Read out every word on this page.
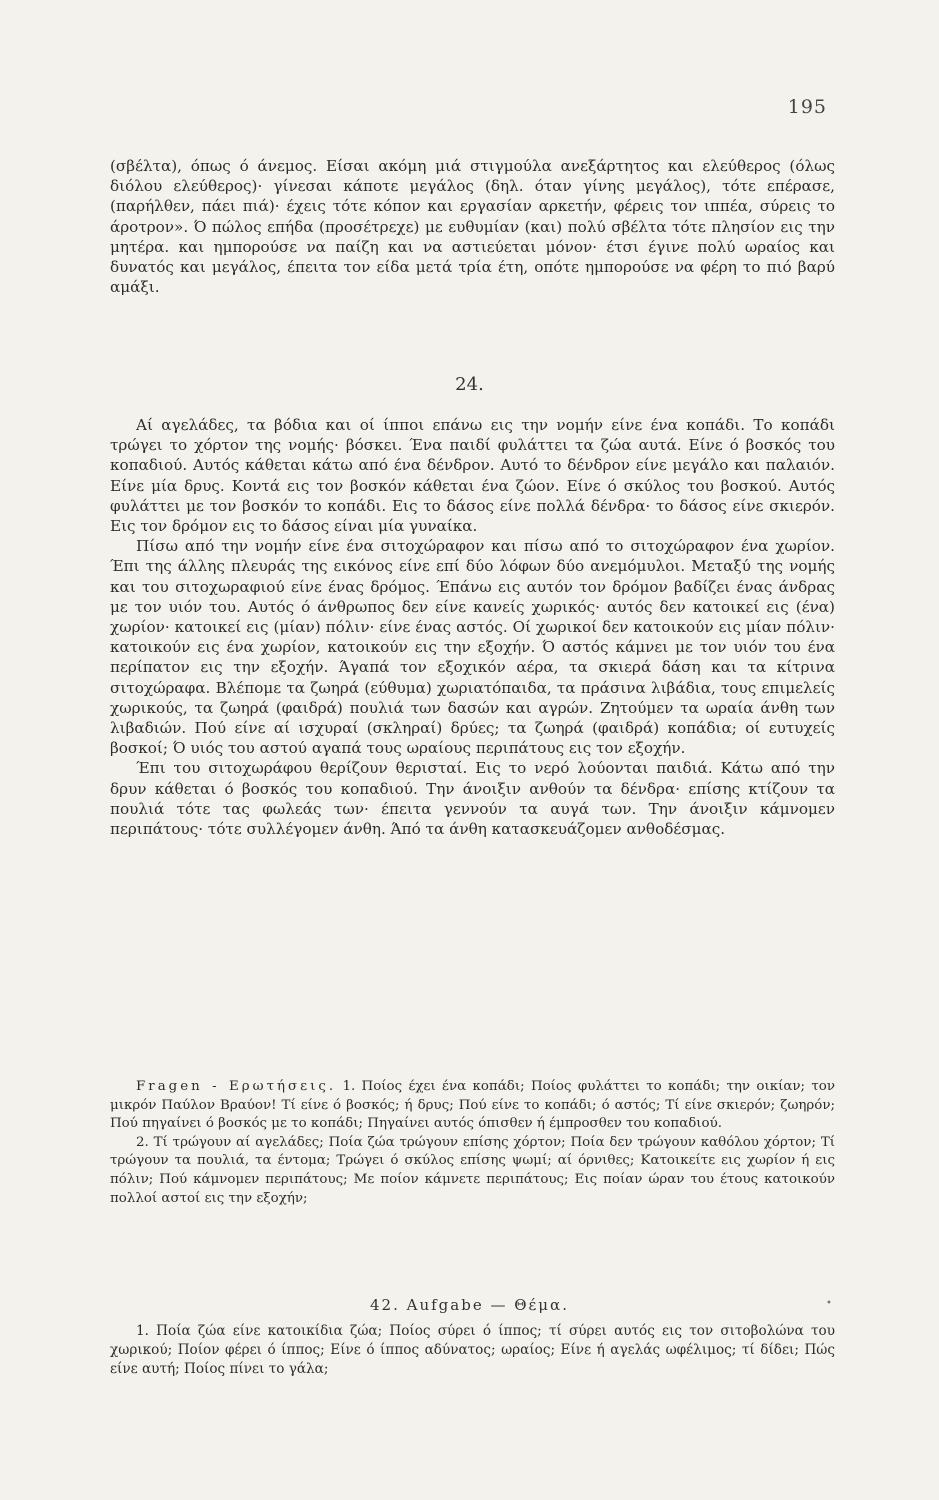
195

(σβέλτα), όπως ό άνεμος. Είσαι ακόμη μιά στιγμούλα ανεξάρτητος και ελεύθερος (όλως διόλου ελεύθερος)· γίνεσαι κάποτε μεγάλος (δηλ. όταν γίνης μεγάλος), τότε επέρασε, (παρήλθεν, πάει πιά)· έχεις τότε κόπον και εργασίαν αρκετήν, φέρεις τον ιππέα, σύρεις το άροτρον». Ό πώλος επήδα (προσέτρεχε) με ευθυμίαν (και) πολύ σβέλτα τότε πλησίον εις την μητέρα. και ημπορούσε να παίζη και να αστιεύεται μόνον· έτσι έγινε πολύ ωραίος και δυνατός και μεγάλος, έπειτα τον είδα μετά τρία έτη, οπότε ημπορούσε να φέρη το πιό βαρύ αμάξι.

24.

Αί αγελάδες, τα βόδια και οί ίπποι επάνω εις την νομήν είνε ένα κοπάδι. Το κοπάδι τρώγει το χόρτον της νομής· βόσκει. Ένα παιδί φυλάττει τα ζώα αυτά. Είνε ό βοσκός του κοπαδιού. Αυτός κάθεται κάτω από ένα δένδρον. Αυτό το δένδρον είνε μεγάλο και παλαιόν. Είνε μία δρυς. Κοντά εις τον βοσκόν κάθεται ένα ζώον. Είνε ό σκύλος του βοσκού. Αυτός φυλάττει με τον βοσκόν το κοπάδι. Εις το δάσος είνε πολλά δένδρα· το δάσος είνε σκιερόν. Εις τον δρόμον εις το δάσος είναι μία γυναίκα.

Πίσω από την νομήν είνε ένα σιτοχώραφον και πίσω από το σιτοχώραφον ένα χωρίον. Έπι της άλλης πλευράς της εικόνος είνε επί δύο λόφων δύο ανεμόμυλοι. Μεταξύ της νομής και του σιτοχωραφιού είνε ένας δρόμος. Έπάνω εις αυτόν τον δρόμον βαδίζει ένας άνδρας με τον υιόν του. Αυτός ό άνθρωπος δεν είνε κανείς χωρικός· αυτός δεν κατοικεί εις (ένα) χωρίον· κατοικεί εις (μίαν) πόλιν· είνε ένας αστός. Οί χωρικοί δεν κατοικούν εις μίαν πόλιν· κατοικούν εις ένα χωρίον, κατοικούν εις την εξοχήν. Ό αστός κάμνει με τον υιόν του ένα περίπατον εις την εξοχήν. Άγαπά τον εξοχικόν αέρα, τα σκιερά δάση και τα κίτρινα σιτοχώραφα. Βλέπομε τα ζωηρά (εύθυμα) χωριατόπαιδα, τα πράσινα λιβάδια, τους επιμελείς χωρικούς, τα ζωηρά (φαιδρά) πουλιά των δασών και αγρών. Ζητούμεν τα ωραία άνθη των λιβαδιών. Πού είνε αί ισχυραί (σκληραί) δρύες; τα ζωηρά (φαιδρά) κοπάδια; οί ευτυχείς βοσκοί; Ό υιός του αστού αγαπά τους ωραίους περιπάτους εις τον εξοχήν.

Έπι του σιτοχωράφου θερίζουν θερισταί. Εις το νερό λούονται παιδιά. Κάτω από την δρυν κάθεται ό βοσκός του κοπαδιού. Την άνοιξιν ανθούν τα δένδρα· επίσης κτίζουν τα πουλιά τότε τας φωλεάς των· έπειτα γεννούν τα αυγά των. Την άνοιξιν κάμνομεν περιπάτους· τότε συλλέγομεν άνθη. Άπό τα άνθη κατασκευάζομεν ανθοδέσμας.

Fragen - Ερωτήσεις. 1. Ποίος έχει ένα κοπάδι; Ποίος φυλάττει το κοπάδι; την οικίαν; τον μικρόν Παύλον Βραύον! Τί είνε ό βοσκός; ή δρυς; Πού είνε το κοπάδι; ό αστός; Τί είνε σκιερόν; ζωηρόν; Πού πηγαίνει ό βοσκός με το κοπάδι; Πηγαίνει αυτός όπισθεν ή έμπροσθεν του κοπαδιού.

2. Τί τρώγουν αί αγελάδες; Ποία ζώα τρώγουν επίσης χόρτον; Ποία δεν τρώγουν καθόλου χόρτον; Τί τρώγουν τα πουλιά, τα έντομα; Τρώγει ό σκύλος επίσης ψωμί; αί όρνιθες; Κατοικείτε εις χωρίον ή εις πόλιν; Πού κάμνομεν περιπάτους; Με ποίον κάμνετε περιπάτους; Εις ποίαν ώραν του έτους κατοικούν πολλοί αστοί εις την εξοχήν;

42. Aufgabe — Θέμα.	•

1. Ποία ζώα είνε κατοικίδια ζώα; Ποίος σύρει ό ίππος; τί σύρει αυτός εις τον σιτοβολώνα του χωρικού; Ποίον φέρει ό ίππος; Είνε ό ίππος αδύνατος; ωραίος; Είνε ή αγελάς ωφέλιμος; τί δίδει; Πώς είνε αυτή; Ποίος πίνει το γάλα;
